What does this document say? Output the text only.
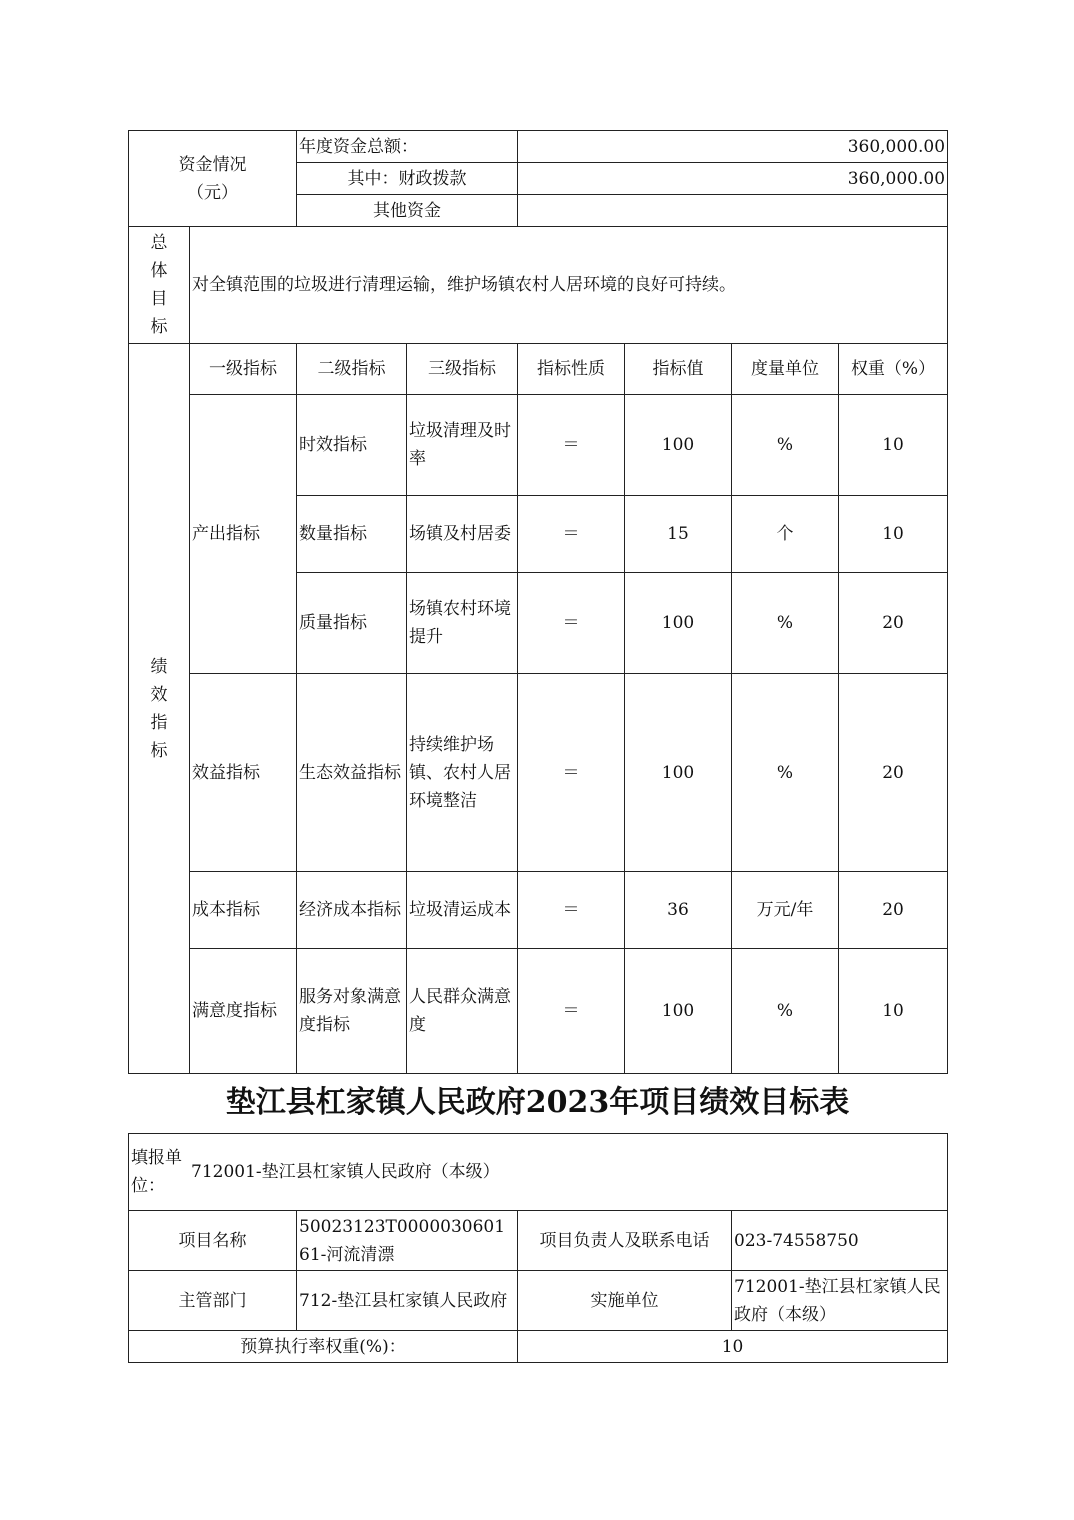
资金情况（元）		年度资金总额：		360,000.00			
		其中：财政拨款		360,000.00			
		其他资金					

总
体
目
标	对全镇范围的垃圾进行清理运输，维护场镇农村人居环境的良好可持续。						

绩
效
指
标	一级指标	二级指标	三级指标	指标性质	指标值	度量单位	权重（%）
	产出指标	时效指标	垃圾清理及时率	＝	100	%	10
		数量指标	场镇及村居委	＝	15	个	10
		质量指标	场镇农村环境提升	＝	100	%	20
	效益指标	生态效益指标	持续维护场镇、农村人居环境整洁	＝	100	%	20
	成本指标	经济成本指标	垃圾清运成本	＝	36	万元/年	20
	满意度指标	服务对象满意度指标	人民群众满意度	＝	100	%	10
垫江县杠家镇人民政府2023年项目绩效目标表
填报单位：
712001-垫江县杠家镇人民政府（本级）			

项目名称	50023123T000003060161-河流清漂	项目负责人及联系电话	023-74558750
主管部门	712-垫江县杠家镇人民政府	实施单位	712001-垫江县杠家镇人民政府（本级）
预算执行率权重(%)：		10	
